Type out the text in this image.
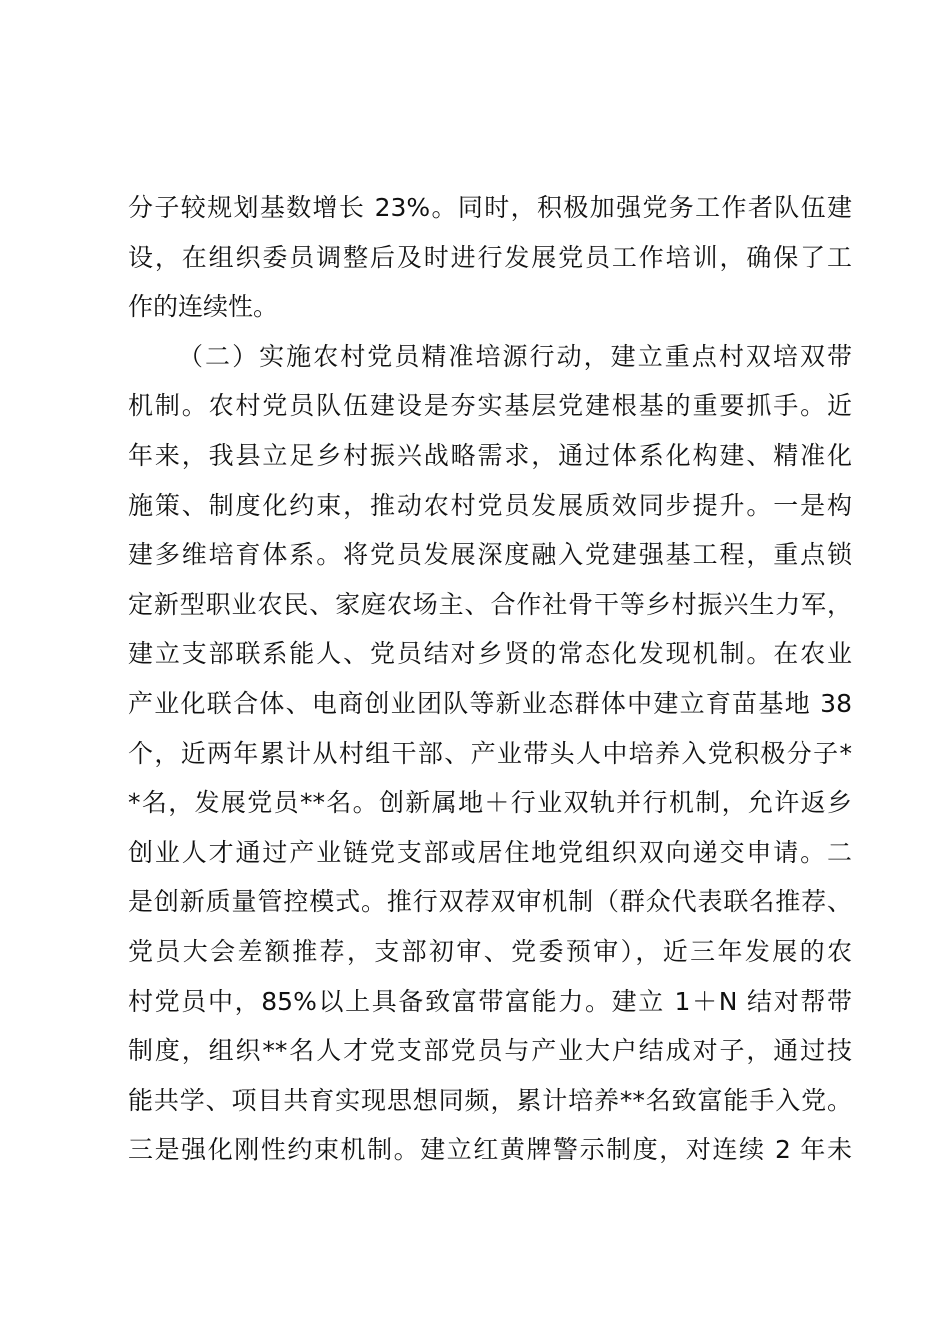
分子较规划基数增长 23%。同时，积极加强党务工作者队伍建
设，在组织委员调整后及时进行发展党员工作培训，确保了工
作的连续性。
（二）实施农村党员精准培源行动，建立重点村双培双带
机制。农村党员队伍建设是夯实基层党建根基的重要抓手。近
年来，我县立足乡村振兴战略需求，通过体系化构建、精准化
施策、制度化约束，推动农村党员发展质效同步提升。一是构
建多维培育体系。将党员发展深度融入党建强基工程，重点锁
定新型职业农民、家庭农场主、合作社骨干等乡村振兴生力军，
建立支部联系能人、党员结对乡贤的常态化发现机制。在农业
产业化联合体、电商创业团队等新业态群体中建立育苗基地 38
个，近两年累计从村组干部、产业带头人中培养入党积极分子*
*名，发展党员**名。创新属地＋行业双轨并行机制，允许返乡
创业人才通过产业链党支部或居住地党组织双向递交申请。二
是创新质量管控模式。推行双荐双审机制（群众代表联名推荐、
党员大会差额推荐，支部初审、党委预审），近三年发展的农
村党员中，85%以上具备致富带富能力。建立 1＋N 结对帮带
制度，组织**名人才党支部党员与产业大户结成对子，通过技
能共学、项目共育实现思想同频，累计培养**名致富能手入党。
三是强化刚性约束机制。建立红黄牌警示制度，对连续 2 年未
